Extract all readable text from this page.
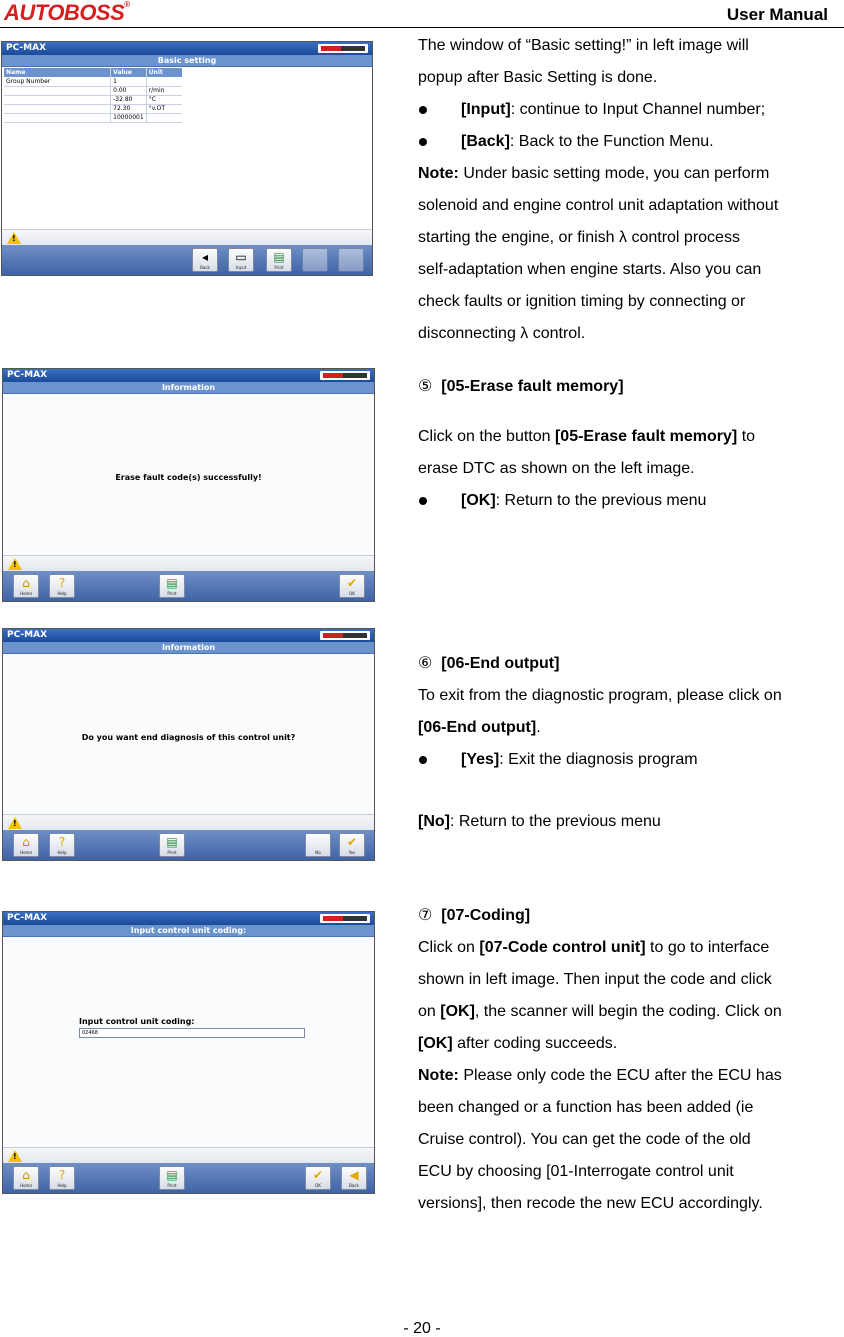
AUTOBOSS®
User Manual
PC-MAX
Basic setting
Name	Value	Unit
Group Number	1	
	0.00	r/min
	-32.80	°C
	72.30	°v.OT
	10000001	
!
◂
Back
▭
Input
▤
Print
PC-MAX
Information
Erase fault code(s) successfully!
!
⌂
Home
?
Help
▤
Print
✔
OK
PC-MAX
Information
Do you want end diagnosis of this control unit?
!
⌂
Home
?
Help
▤
Print	No
✔
Yes
PC-MAX
Input control unit coding:
Input control unit coding:
02468
!
⌂
Home
?
Help
▤
Print
✔
OK
◀
Back

The window of “Basic setting!” in left image will

popup after Basic Setting is done.

[Input]: continue to Input Channel number;

[Back]: Back to the Function Menu.

Note: Under basic setting mode, you can perform

solenoid and engine control unit adaptation without

starting the engine, or finish λ control process

self-adaptation when engine starts. Also you can

check faults or ignition timing by connecting or

disconnecting λ control.

⑤ [05-Erase fault memory]

Click on the button [05-Erase fault memory] to

erase DTC as shown on the left image.

[OK]: Return to the previous menu

⑥ [06-End output]

To exit from the diagnostic program, please click on

[06-End output].

[Yes]: Exit the diagnosis program

[No]: Return to the previous menu

⑦ [07-Coding]

Click on [07-Code control unit] to go to interface

shown in left image. Then input the code and click

on [OK], the scanner will begin the coding. Click on

[OK] after coding succeeds.

Note: Please only code the ECU after the ECU has

been changed or a function has been added (ie

Cruise control). You can get the code of the old

ECU by choosing [01-Interrogate control unit

versions], then recode the new ECU accordingly.

- 20 -
